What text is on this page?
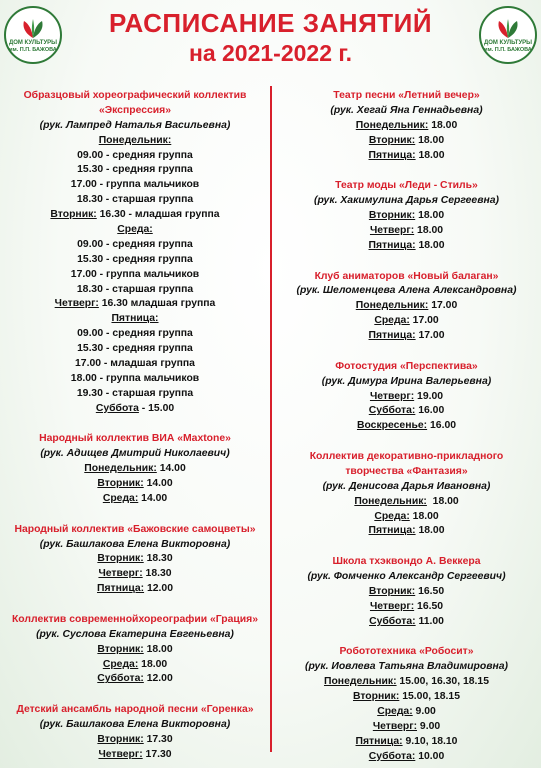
ДОМ КУЛЬТУРЫ
им. П.П. БАЖОВА
ДОМ КУЛЬТУРЫ
им. П.П. БАЖОВА
РАСПИСАНИЕ ЗАНЯТИЙ
на 2021-2022 г.
Образцовый хореографический коллектив
«Экспрессия»
(рук. Лампред Наталья Васильевна)
Понедельник:
09.00 - средняя группа
15.30 - средняя группа
17.00 - группа мальчиков
18.30 - старшая группа
Вторник: 16.30 - младшая группа
Среда:
09.00 - средняя группа
15.30 - средняя группа
17.00 - группа мальчиков
18.30 - старшая группа
Четверг: 16.30 младшая группа
Пятница:
09.00 - средняя группа
15.30 - средняя группа
17.00 - младшая группа
18.00 - группа мальчиков
19.30 - старшая группа
Суббота - 15.00
Народный коллектив ВИА «Maxtone»
(рук. Адищев Дмитрий Николаевич)
Понедельник: 14.00
Вторник: 14.00
Среда: 14.00
Народный коллектив «Бажовские самоцветы»
(рук. Башлакова Елена Викторовна)
Вторник: 18.30
Четверг: 18.30
Пятница: 12.00
Коллектив современнойхореографии «Грация»
(рук. Суслова Екатерина Евгеньевна)
Вторник: 18.00
Среда: 18.00
Суббота: 12.00
Детский ансамбль народной песни «Горенка»
(рук. Башлакова Елена Викторовна)
Вторник: 17.30
Четверг: 17.30
Театр песни «Летний вечер»
(рук. Хегай Яна Геннадьевна)
Понедельник: 18.00
Вторник: 18.00
Пятница: 18.00
Театр моды «Леди - Стиль»
(рук. Хакимулина Дарья Сергеевна)
Вторник: 18.00
Четверг: 18.00
Пятница: 18.00
Клуб аниматоров «Новый балаган»
(рук. Шеломенцева Алена Александровна)
Понедельник: 17.00
Среда: 17.00
Пятница: 17.00
Фотостудия «Перспектива»
(рук. Димура Ирина Валерьевна)
Четверг: 19.00
Суббота: 16.00
Воскресенье: 16.00
Коллектив декоративно-прикладного
творчества «Фантазия»
(рук. Денисова Дарья Ивановна)
Понедельник:  18.00
Среда: 18.00
Пятница: 18.00
Школа тхэквондо А. Веккера
(рук. Фомченко Александр Сергеевич)
Вторник: 16.50
Четверг: 16.50
Суббота: 11.00
Робототехника «Робосит»
(рук. Иовлева Татьяна Владимировна)
Понедельник: 15.00, 16.30, 18.15
Вторник: 15.00, 18.15
Среда: 9.00
Четверг: 9.00
Пятница: 9.10, 18.10
Суббота: 10.00
